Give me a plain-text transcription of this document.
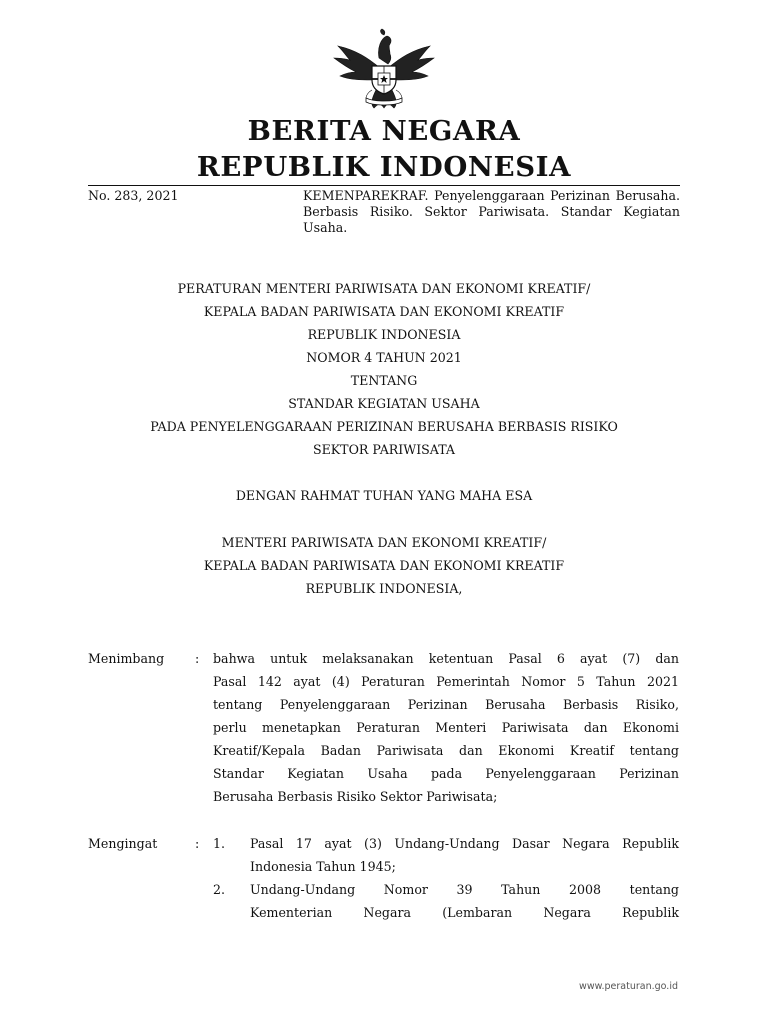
BERITA NEGARA
REPUBLIK INDONESIA
No. 283, 2021	KEMENPAREKRAF. Penyelenggaraan Perizinan Berusaha. Berbasis Risiko. Sektor Pariwisata. Standar Kegiatan Usaha.
PERATURAN MENTERI PARIWISATA DAN EKONOMI KREATIF/
KEPALA BADAN PARIWISATA DAN EKONOMI KREATIF
REPUBLIK INDONESIA
NOMOR 4 TAHUN 2021
TENTANG
STANDAR KEGIATAN USAHA
PADA PENYELENGGARAAN PERIZINAN BERUSAHA BERBASIS RISIKO
SEKTOR PARIWISATA
DENGAN RAHMAT TUHAN YANG MAHA ESA
MENTERI PARIWISATA DAN EKONOMI KREATIF/
KEPALA BADAN PARIWISATA DAN EKONOMI KREATIF
REPUBLIK INDONESIA,
Menimbang : bahwa untuk melaksanakan ketentuan Pasal 6 ayat (7) dan
Pasal 142 ayat (4) Peraturan Pemerintah Nomor 5 Tahun 2021
tentang Penyelenggaraan Perizinan Berusaha Berbasis Risiko,
perlu menetapkan Peraturan Menteri Pariwisata dan Ekonomi
Kreatif/Kepala Badan Pariwisata dan Ekonomi Kreatif tentang
Standar Kegiatan Usaha pada Penyelenggaraan Perizinan
Berusaha Berbasis Risiko Sektor Pariwisata;
Mengingat	: 1. Pasal 17 ayat (3) Undang-Undang Dasar Negara Republik
Indonesia Tahun 1945;
2. Undang-Undang Nomor 39 Tahun 2008 tentang
Kementerian Negara (Lembaran Negara Republik
www.peraturan.go.id
